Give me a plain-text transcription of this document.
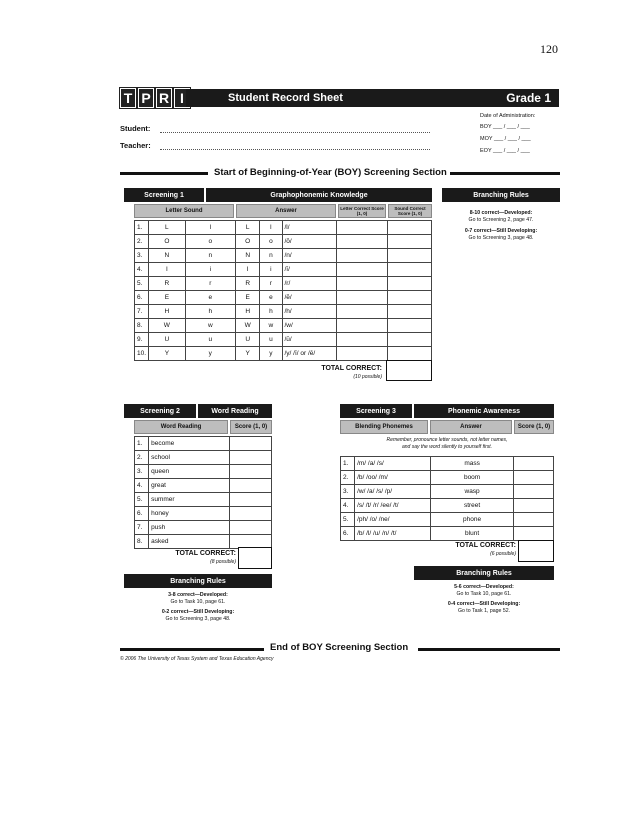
120
T P R I	Student Record Sheet	Grade 1
Student:
Teacher:
Date of Administration:
BOY ___ / ___ / ___
MOY ___ / ___ / ___
EOY ___ / ___ / ___
Start of Beginning-of-Year (BOY) Screening Section
Screening 1	Graphophonemic Knowledge
Letter Sound	Answer	Letter Correct Score (1, 0)
Sound Correct Score (1, 0)
1.	L	l	L	l	/l/		
2.	O	o	O	o	/ŏ/		
3.	N	n	N	n	/n/		
4.	I	i	I	i	/ĭ/		
5.	R	r	R	r	/r/		
6.	E	e	E	e	/ĕ/		
7.	H	h	H	h	/h/		
8.	W	w	W	w	/w/		
9.	U	u	U	u	/ŭ/		
10.	Y	y	Y	y	/y/ /ī/ or /ē/		
TOTAL CORRECT:
(10 possible)
Branching Rules
8-10 correct—Developed:
Go to Screening 2, page 47.
0-7 correct—Still Developing:
Go to Screening 3, page 48.
Screening 2	Word Reading
Word Reading	Score (1, 0)
1.	become	
2.	school	
3.	queen	
4.	great	
5.	summer	
6.	honey	
7.	push	
8.	asked	
TOTAL CORRECT:
(8 possible)
Branching Rules
3-8 correct—Developed:
Go to Task 10, page 61.
0-2 correct—Still Developing:
Go to Screening 3, page 48.
Screening 3	Phonemic Awareness
Blending Phonemes	Answer	Score (1, 0)
Remember, pronounce letter sounds, not letter names,
and say the word silently to yourself first.
1.	/m/ /a/ /s/	mass	
2.	/b/ /oo/ /m/	boom	
3.	/w/ /a/ /s/ /p/	wasp	
4.	/s/ /t/ /r/ /ee/ /t/	street	
5.	/ph/ /o/ /ne/	phone	
6.	/b/ /l/ /u/ /n/ /t/	blunt	
TOTAL CORRECT:
(6 possible)
Branching Rules
5-6 correct—Developed:
Go to Task 10, page 61.
0-4 correct—Still Developing:
Go to Task 1, page 52.
End of BOY Screening Section
© 2006 The University of Texas System and Texas Education Agency
